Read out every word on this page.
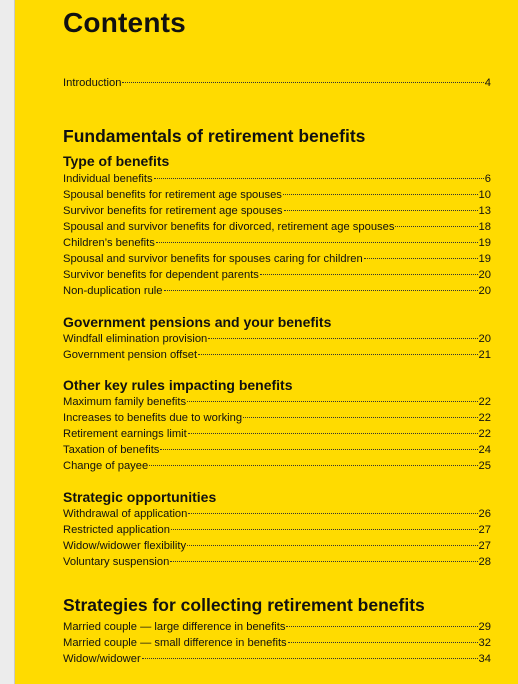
Contents
Introduction	4
Fundamentals of retirement benefits
Type of benefits
Individual benefits	6
Spousal benefits for retirement age spouses	10
Survivor benefits for retirement age spouses	13
Spousal and survivor benefits for divorced, retirement age spouses	18
Children’s benefits	19
Spousal and survivor benefits for spouses caring for children	19
Survivor benefits for dependent parents	20
Non-duplication rule	20
Government pensions and your benefits
Windfall elimination provision	20
Government pension offset	21
Other key rules impacting benefits
Maximum family benefits	22
Increases to benefits due to working	22
Retirement earnings limit	22
Taxation of benefits	24
Change of payee	25
Strategic opportunities
Withdrawal of application	26
Restricted application	27
Widow/widower flexibility	27
Voluntary suspension	28
Strategies for collecting retirement benefits
Married couple — large difference in benefits	29
Married couple — small difference in benefits	32
Widow/widower	34
